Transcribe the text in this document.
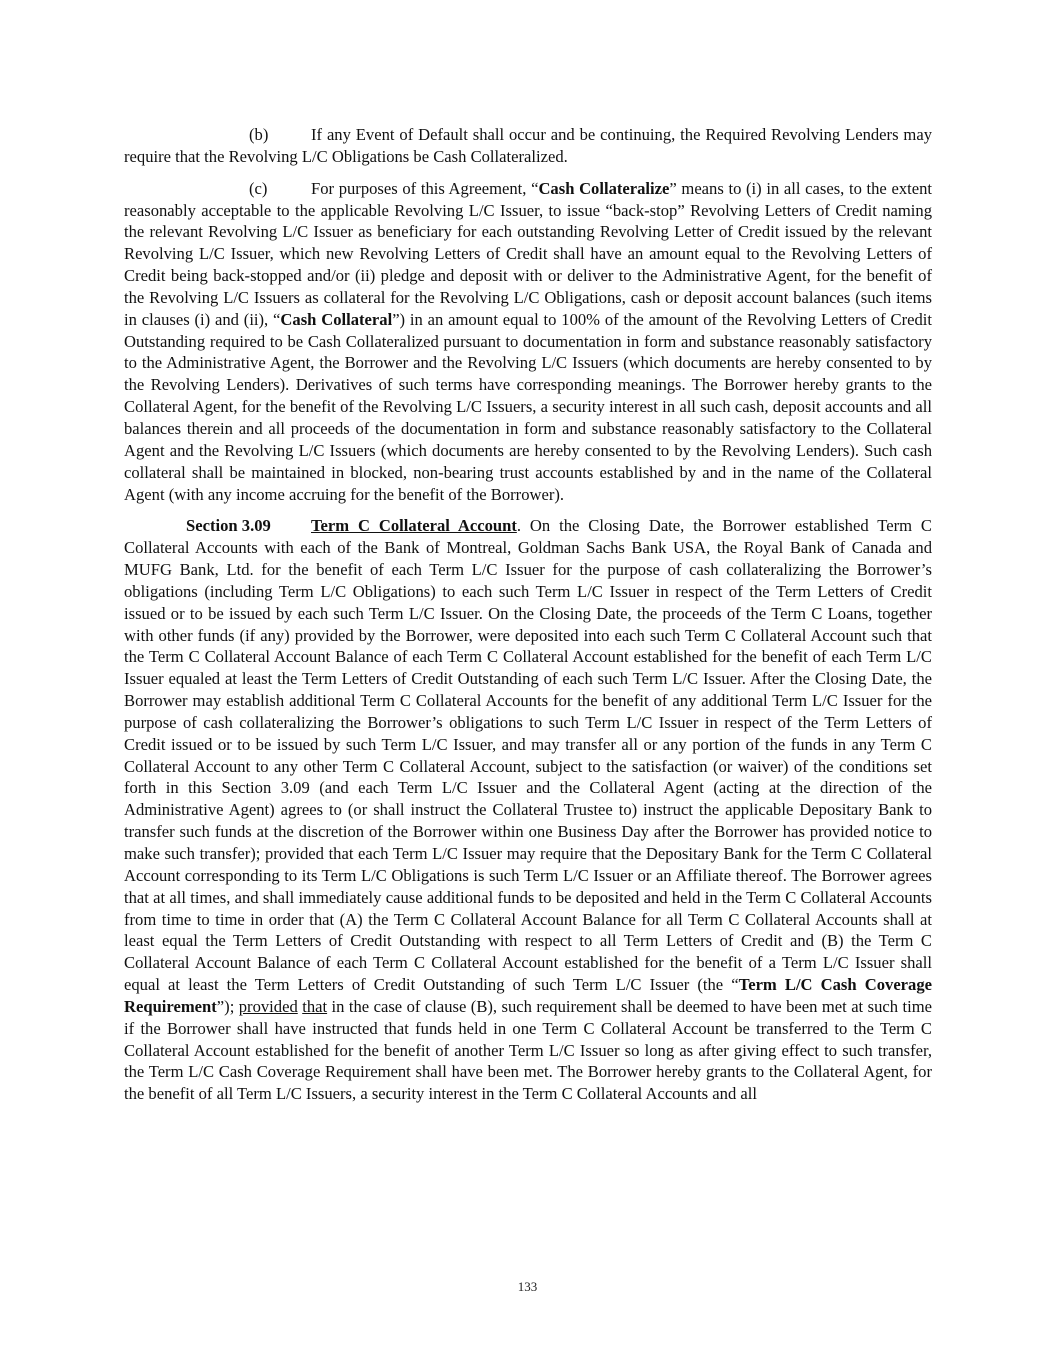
(b)	If any Event of Default shall occur and be continuing, the Required Revolving Lenders may require that the Revolving L/C Obligations be Cash Collateralized.

(c)	For purposes of this Agreement, “Cash Collateralize” means to (i) in all cases, to the extent reasonably acceptable to the applicable Revolving L/C Issuer, to issue “back-stop” Revolving Letters of Credit naming the relevant Revolving L/C Issuer as beneficiary for each outstanding Revolving Letter of Credit issued by the relevant Revolving L/C Issuer, which new Revolving Letters of Credit shall have an amount equal to the Revolving Letters of Credit being back-stopped and/or (ii) pledge and deposit with or deliver to the Administrative Agent, for the benefit of the Revolving L/C Issuers as collateral for the Revolving L/C Obligations, cash or deposit account balances (such items in clauses (i) and (ii), “Cash Collateral”) in an amount equal to 100% of the amount of the Revolving Letters of Credit Outstanding required to be Cash Collateralized pursuant to documentation in form and substance reasonably satisfactory to the Administrative Agent, the Borrower and the Revolving L/C Issuers (which documents are hereby consented to by the Revolving Lenders). Derivatives of such terms have corresponding meanings. The Borrower hereby grants to the Collateral Agent, for the benefit of the Revolving L/C Issuers, a security interest in all such cash, deposit accounts and all balances therein and all proceeds of the documentation in form and substance reasonably satisfactory to the Collateral Agent and the Revolving L/C Issuers (which documents are hereby consented to by the Revolving Lenders). Such cash collateral shall be maintained in blocked, non-bearing trust accounts established by and in the name of the Collateral Agent (with any income accruing for the benefit of the Borrower).

Section 3.09 Term C Collateral Account. On the Closing Date, the Borrower established Term C Collateral Accounts with each of the Bank of Montreal, Goldman Sachs Bank USA, the Royal Bank of Canada and MUFG Bank, Ltd. for the benefit of each Term L/C Issuer for the purpose of cash collateralizing the Borrower’s obligations (including Term L/C Obligations) to each such Term L/C Issuer in respect of the Term Letters of Credit issued or to be issued by each such Term L/C Issuer. On the Closing Date, the proceeds of the Term C Loans, together with other funds (if any) provided by the Borrower, were deposited into each such Term C Collateral Account such that the Term C Collateral Account Balance of each Term C Collateral Account established for the benefit of each Term L/C Issuer equaled at least the Term Letters of Credit Outstanding of each such Term L/C Issuer. After the Closing Date, the Borrower may establish additional Term C Collateral Accounts for the benefit of any additional Term L/C Issuer for the purpose of cash collateralizing the Borrower’s obligations to such Term L/C Issuer in respect of the Term Letters of Credit issued or to be issued by such Term L/C Issuer, and may transfer all or any portion of the funds in any Term C Collateral Account to any other Term C Collateral Account, subject to the satisfaction (or waiver) of the conditions set forth in this Section 3.09 (and each Term L/C Issuer and the Collateral Agent (acting at the direction of the Administrative Agent) agrees to (or shall instruct the Collateral Trustee to) instruct the applicable Depositary Bank to transfer such funds at the discretion of the Borrower within one Business Day after the Borrower has provided notice to make such transfer); provided that each Term L/C Issuer may require that the Depositary Bank for the Term C Collateral Account corresponding to its Term L/C Obligations is such Term L/C Issuer or an Affiliate thereof. The Borrower agrees that at all times, and shall immediately cause additional funds to be deposited and held in the Term C Collateral Accounts from time to time in order that (A) the Term C Collateral Account Balance for all Term C Collateral Accounts shall at least equal the Term Letters of Credit Outstanding with respect to all Term Letters of Credit and (B) the Term C Collateral Account Balance of each Term C Collateral Account established for the benefit of a Term L/C Issuer shall equal at least the Term Letters of Credit Outstanding of such Term L/C Issuer (the “Term L/C Cash Coverage Requirement”); provided that in the case of clause (B), such requirement shall be deemed to have been met at such time if the Borrower shall have instructed that funds held in one Term C Collateral Account be transferred to the Term C Collateral Account established for the benefit of another Term L/C Issuer so long as after giving effect to such transfer, the Term L/C Cash Coverage Requirement shall have been met. The Borrower hereby grants to the Collateral Agent, for the benefit of all Term L/C Issuers, a security interest in the Term C Collateral Accounts and all

133
